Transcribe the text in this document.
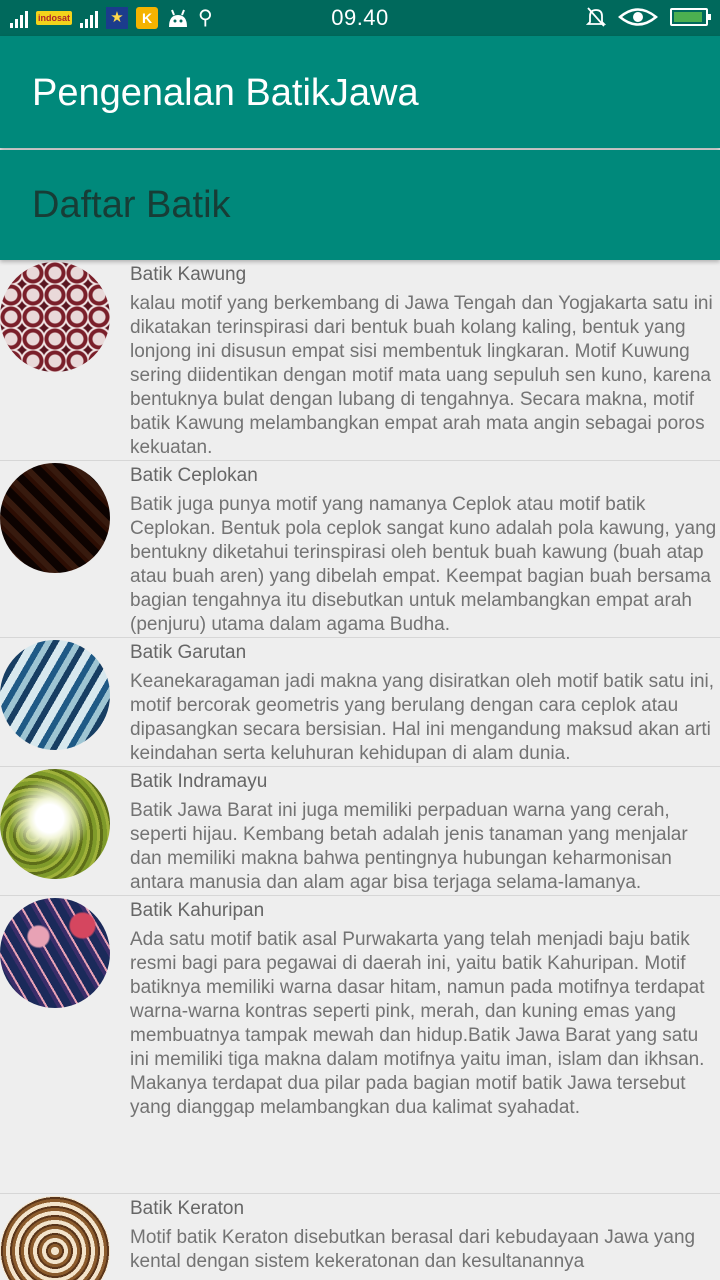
indosat	★	K ⚲	09.40
Pengenalan BatikJawa
Daftar Batik
Batik Kawung
kalau motif yang berkembang di Jawa Tengah dan Yogjakarta satu ini dikatakan terinspirasi dari bentuk buah kolang kaling, bentuk yang lonjong ini disusun empat sisi membentuk lingkaran. Motif Kuwung sering diidentikan dengan motif mata uang sepuluh sen kuno, karena bentuknya bulat dengan lubang di tengahnya. Secara makna, motif batik Kawung melambangkan empat arah mata angin sebagai poros kekuatan.
Batik Ceplokan
Batik juga punya motif yang namanya Ceplok atau motif batik Ceplokan. Bentuk pola ceplok sangat kuno adalah pola kawung, yang bentukny diketahui terinspirasi oleh bentuk buah kawung (buah atap atau buah aren) yang dibelah empat. Keempat bagian buah bersama bagian tengahnya itu disebutkan untuk melambangkan empat arah (penjuru) utama dalam agama Budha.
Batik Garutan
Keanekaragaman jadi makna yang disiratkan oleh motif batik satu ini, motif bercorak geometris yang berulang dengan cara ceplok atau dipasangkan secara bersisian. Hal ini mengandung maksud akan arti keindahan serta keluhuran kehidupan di alam dunia.
Batik Indramayu
Batik Jawa Barat ini juga memiliki perpaduan warna yang cerah, seperti hijau. Kembang betah adalah jenis tanaman yang menjalar dan memiliki makna bahwa pentingnya hubungan keharmonisan antara manusia dan alam agar bisa terjaga selama-lamanya.
Batik Kahuripan
Ada satu motif batik asal Purwakarta yang telah menjadi baju batik resmi bagi para pegawai di daerah ini, yaitu batik Kahuripan. Motif batiknya memiliki warna dasar hitam, namun pada motifnya terdapat warna-warna kontras seperti pink, merah, dan kuning emas yang membuatnya tampak mewah dan hidup.Batik Jawa Barat yang satu ini memiliki tiga makna dalam motifnya yaitu iman, islam dan ikhsan. Makanya terdapat dua pilar pada bagian motif batik Jawa tersebut yang dianggap melambangkan dua kalimat syahadat.
Batik Keraton
Motif batik Keraton disebutkan berasal dari kebudayaan Jawa yang kental dengan sistem kekeratonan dan kesultanannya
